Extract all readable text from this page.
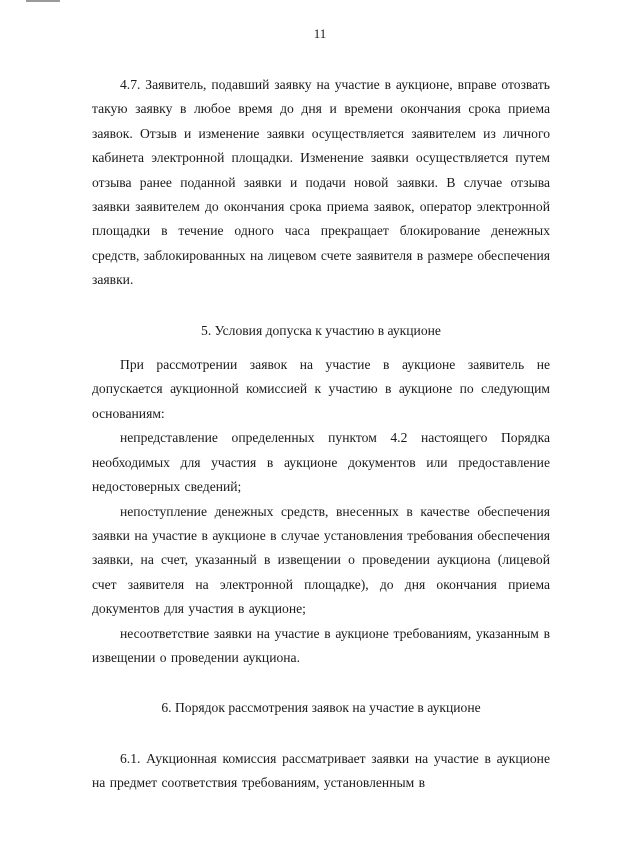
11

4.7. Заявитель, подавший заявку на участие в аукционе, вправе отозвать такую заявку в любое время до дня и времени окончания срока приема заявок. Отзыв и изменение заявки осуществляется заявителем из личного кабинета электронной площадки. Изменение заявки осуществляется путем отзыва ранее поданной заявки и подачи новой заявки. В случае отзыва заявки заявителем до окончания срока приема заявок, оператор электронной площадки в течение одного часа прекращает блокирование денежных средств, заблокированных на лицевом счете заявителя в размере обеспечения заявки.

5. Условия допуска к участию в аукционе

При рассмотрении заявок на участие в аукционе заявитель не допускается аукционной комиссией к участию в аукционе по следующим основаниям:

непредставление определенных пунктом 4.2 настоящего Порядка необходимых для участия в аукционе документов или предоставление недостоверных сведений;

непоступление денежных средств, внесенных в качестве обеспечения заявки на участие в аукционе в случае установления требования обеспечения заявки, на счет, указанный в извещении о проведении аукциона (лицевой счет заявителя на электронной площадке), до дня окончания приема документов для участия в аукционе;

несоответствие заявки на участие в аукционе требованиям, указанным в извещении о проведении аукциона.

6. Порядок рассмотрения заявок на участие в аукционе

6.1. Аукционная комиссия рассматривает заявки на участие в аукционе на предмет соответствия требованиям, установленным в
